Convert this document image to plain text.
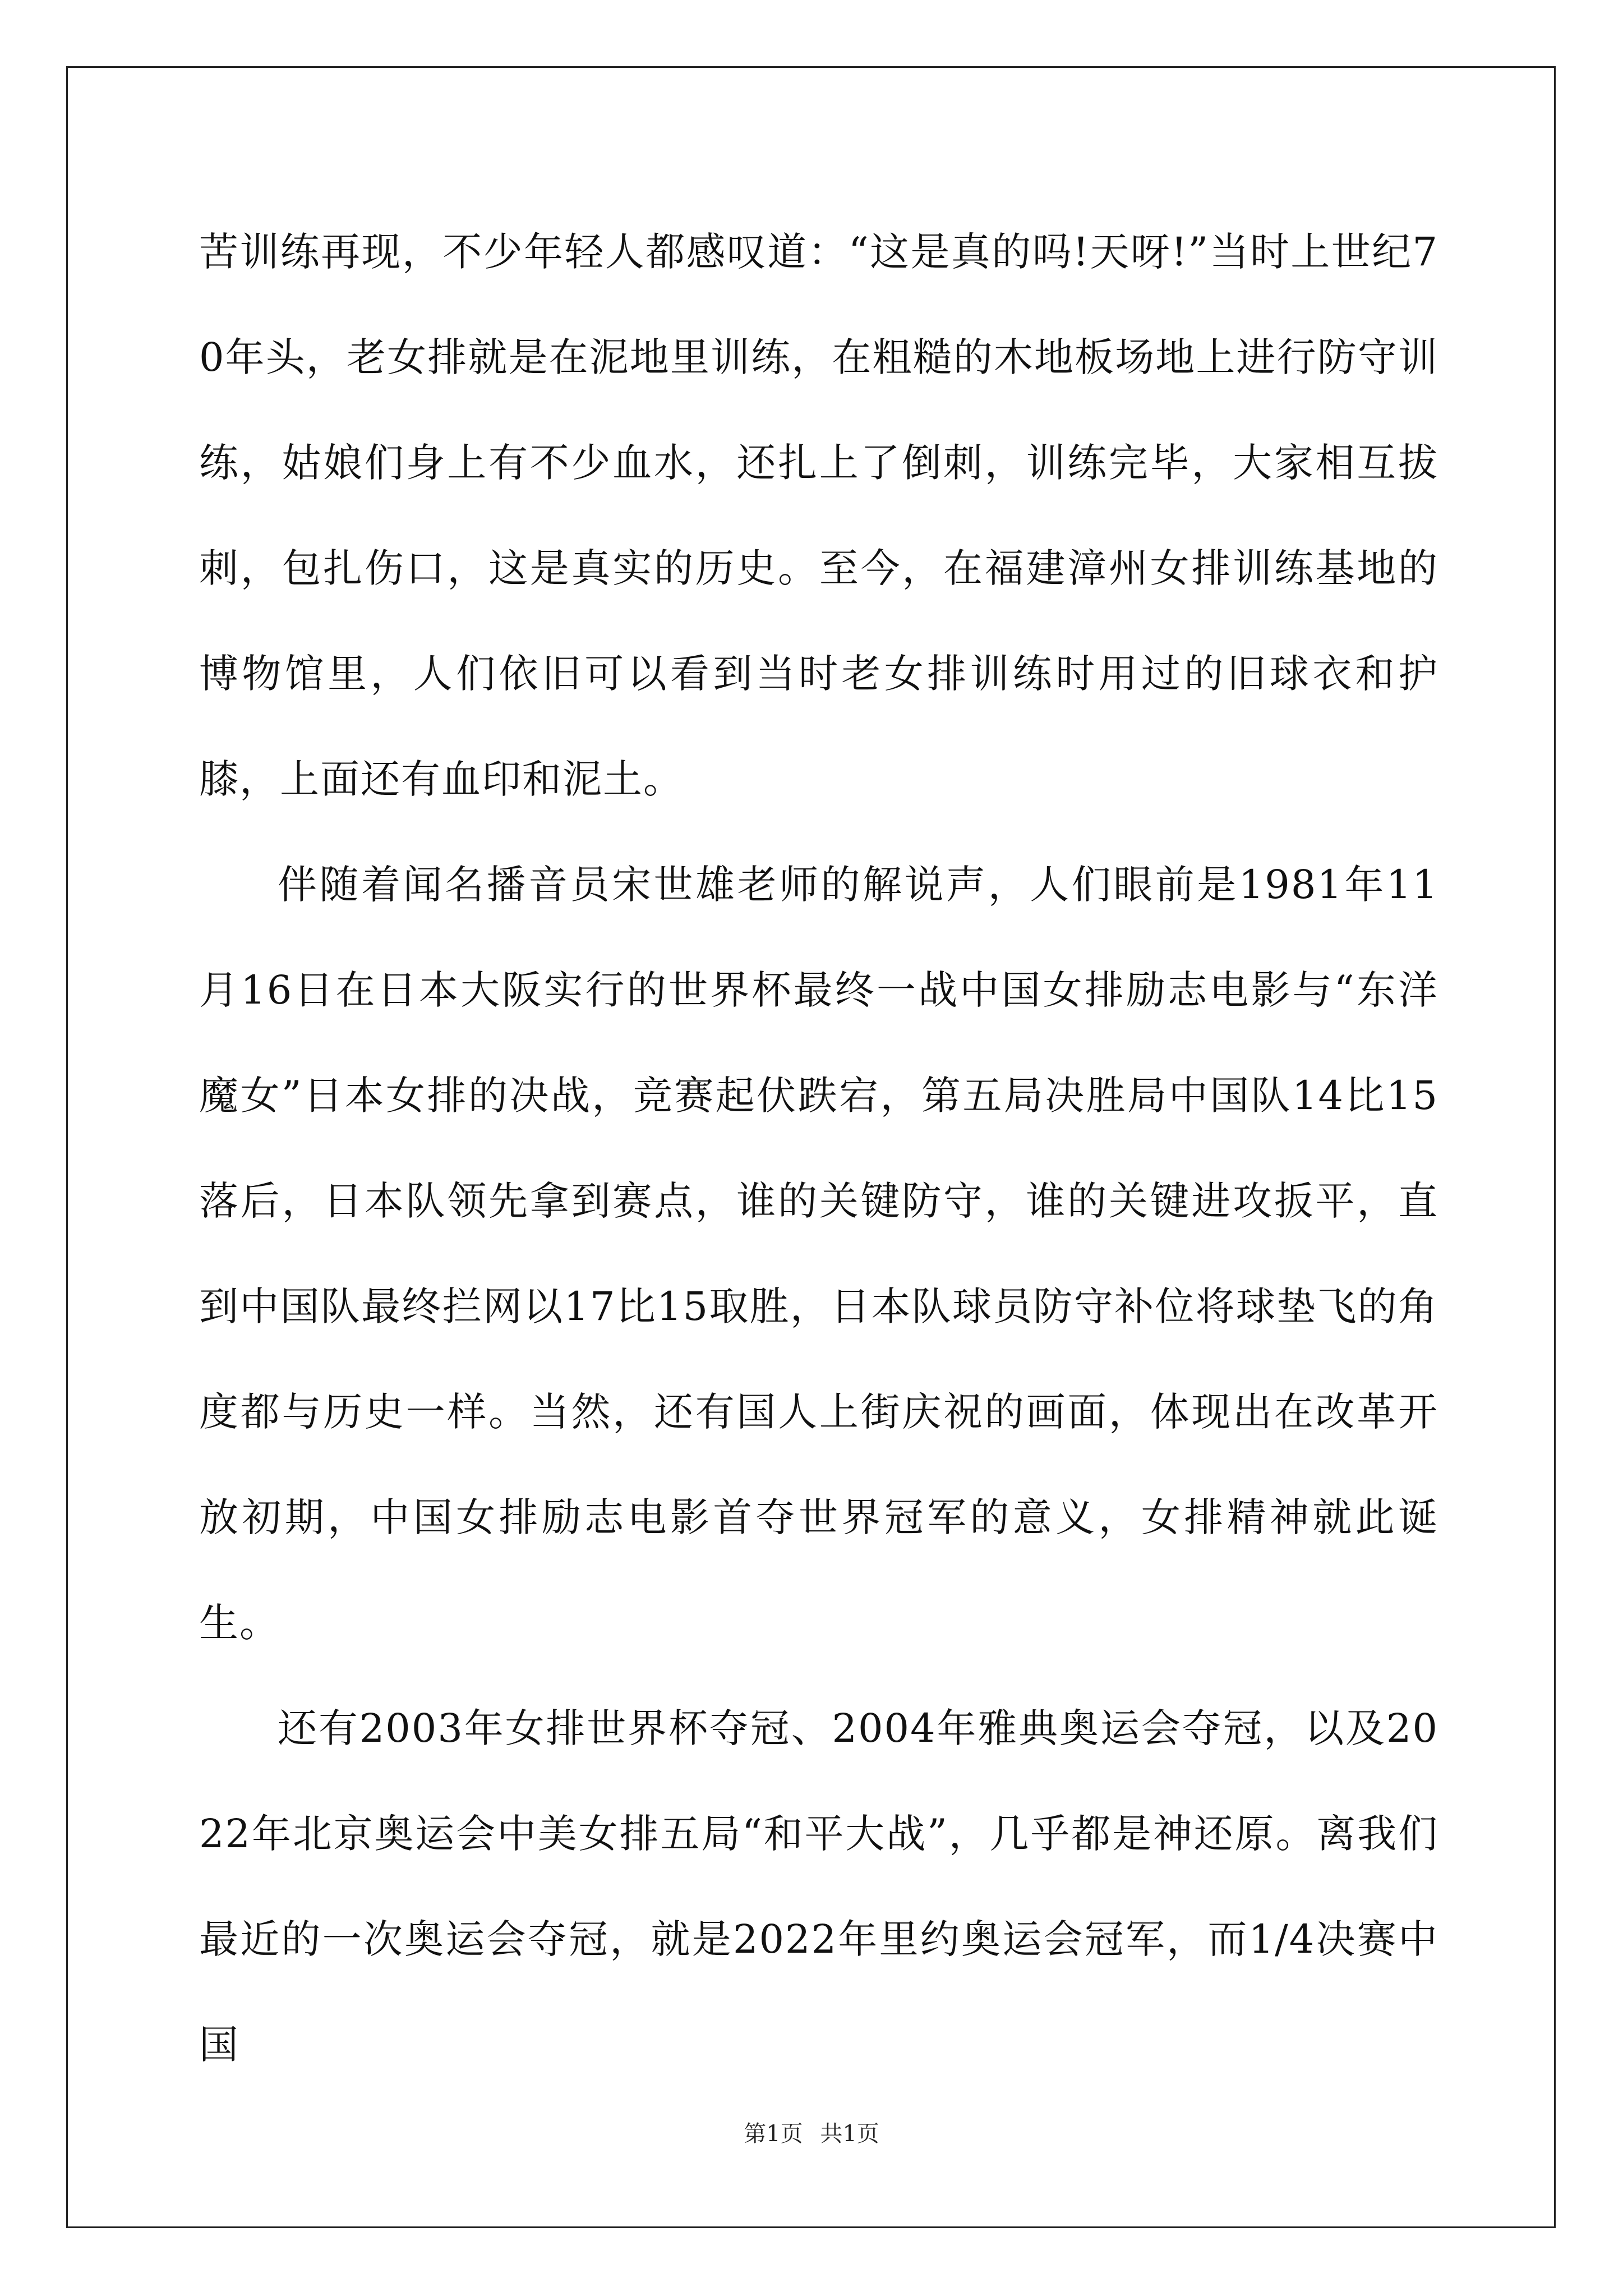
苦训练再现，不少年轻人都感叹道：“这是真的吗!天呀!”当时上世纪70年头，老女排就是在泥地里训练，在粗糙的木地板场地上进行防守训练，姑娘们身上有不少血水，还扎上了倒刺，训练完毕，大家相互拔刺，包扎伤口，这是真实的历史。至今，在福建漳州女排训练基地的博物馆里，人们依旧可以看到当时老女排训练时用过的旧球衣和护膝，上面还有血印和泥土。

伴随着闻名播音员宋世雄老师的解说声，人们眼前是1981年11月16日在日本大阪实行的世界杯最终一战中国女排励志电影与“东洋魔女”日本女排的决战，竞赛起伏跌宕，第五局决胜局中国队14比15落后，日本队领先拿到赛点，谁的关键防守，谁的关键进攻扳平，直到中国队最终拦网以17比15取胜，日本队球员防守补位将球垫飞的角度都与历史一样。当然，还有国人上街庆祝的画面，体现出在改革开放初期，中国女排励志电影首夺世界冠军的意义，女排精神就此诞生。

还有2003年女排世界杯夺冠、2004年雅典奥运会夺冠，以及2022年北京奥运会中美女排五局“和平大战”，几乎都是神还原。离我们最近的一次奥运会夺冠，就是2022年里约奥运会冠军，而1/4决赛中国

第1页 共1页
